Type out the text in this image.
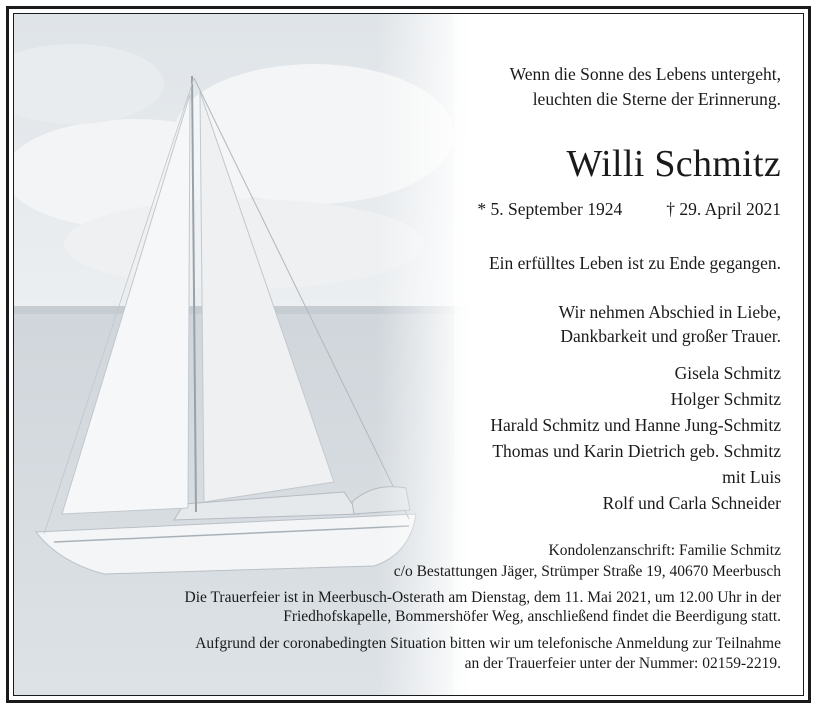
Wenn die Sonne des Lebens untergeht,
leuchten die Sterne der Erinnerung.
Willi Schmitz
* 5. September 1924	† 29. April 2021
Ein erfülltes Leben ist zu Ende gegangen.
Wir nehmen Abschied in Liebe,
Dankbarkeit und großer Trauer.
Gisela Schmitz
Holger Schmitz
Harald Schmitz und Hanne Jung-Schmitz
Thomas und Karin Dietrich geb. Schmitz
mit Luis
Rolf und Carla Schneider
Kondolenzanschrift: Familie Schmitz
c/o Bestattungen Jäger, Strümper Straße 19, 40670 Meerbusch
Die Trauerfeier ist in Meerbusch-Osterath am Dienstag, dem 11. Mai 2021, um 12.00 Uhr in der
Friedhofskapelle, Bommershöfer Weg, anschließend findet die Beerdigung statt.
Aufgrund der coronabedingten Situation bitten wir um telefonische Anmeldung zur Teilnahme
an der Trauerfeier unter der Nummer: 02159-2219.
